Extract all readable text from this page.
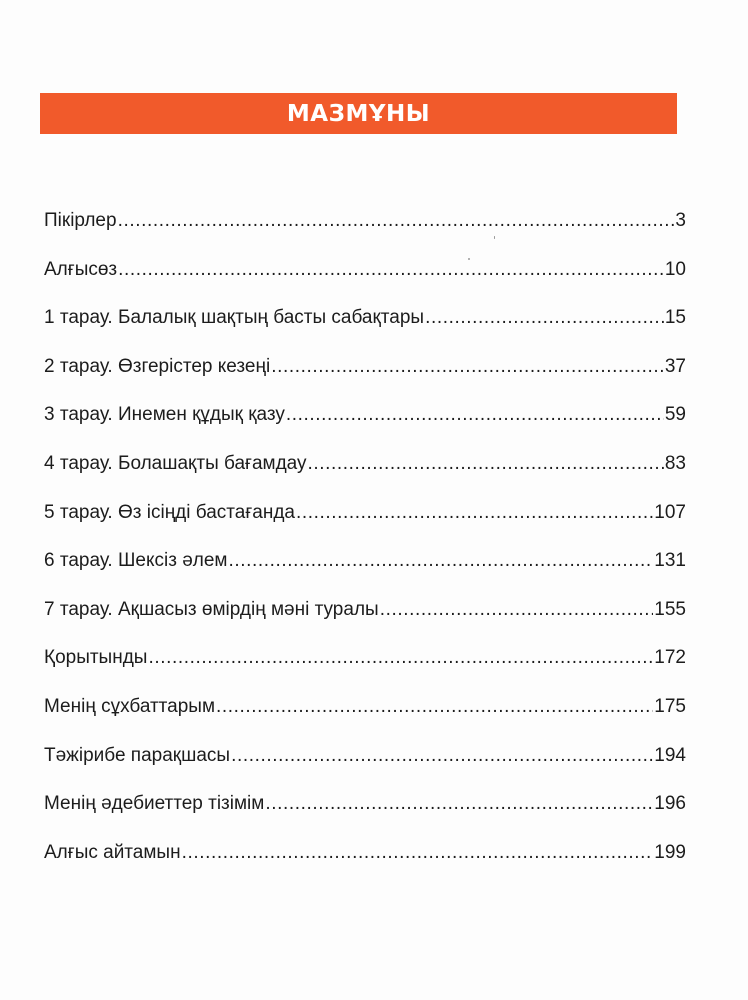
МАЗМҰНЫ
Пікірлер .....	3
Алғысөз .....	10
1 тарау. Балалық шақтың басты сабақтары .....	15
2 тарау. Өзгерістер кезеңі .....	37
3 тарау. Инемен құдық қазу .....	59
4 тарау. Болашақты бағамдау .....	83
5 тарау. Өз ісіңді бастағанда .....	107
6 тарау. Шексіз әлем .....	131
7 тарау. Ақшасыз өмірдің мәні туралы .....	155
Қорытынды .....	172
Менің сұхбаттарым .....	175
Тәжірибе парақшасы .....	194
Менің әдебиеттер тізімім .....	196
Алғыс айтамын .....	199
